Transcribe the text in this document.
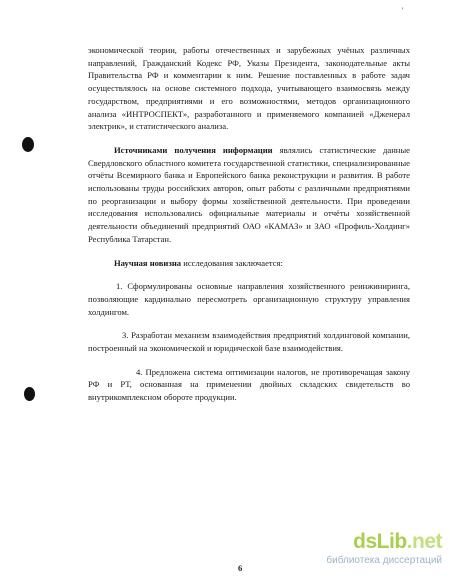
'

экономической теории, работы отечественных и зарубежных учёных различных направлений, Гражданский Кодекс РФ, Указы Президента, законодательные акты Правительства РФ и комментарии к ним. Решение поставленных в работе задач осуществлялось на основе системного подхода, учитывающего взаимосвязь между государством, предприятиями и его возможностями, методов организационного анализа «ИНТРОСПЕКТ», разработанного и применяемого компанией «Дженерал электрик», и статистического анализа.

Источниками получения информации являлись статистические данные Свердловского областного комитета государственной статистики, специализированные отчёты Всемирного банка и Европейского банка реконструкции и развития. В работе использованы труды российских авторов, опыт работы с различными предприятиями по реорганизации и выбору формы хозяйственной деятельности. При проведении исследования использовались официальные материалы и отчёты хозяйственной деятельности объединений предприятий ОАО «КАМАЗ» и ЗАО «Профиль-Холдинг» Республика Татарстан.

Научная новизна исследования заключается:

1. Сформулированы основные направления хозяйственного реинжиниринга, позволяющие кардинально пересмотреть организационную структуру управления холдингом.

3. Разработан механизм взаимодействия предприятий холдинговой компании, построенный на экономической и юридической базе взаимодействия.

4. Предложена система оптимизации налогов, не противоречащая закону РФ и РТ, основанная на применении двойных складских свидетельств во внутрикомплексном обороте продукции.

6
dsLib.net
библиотека диссертаций
